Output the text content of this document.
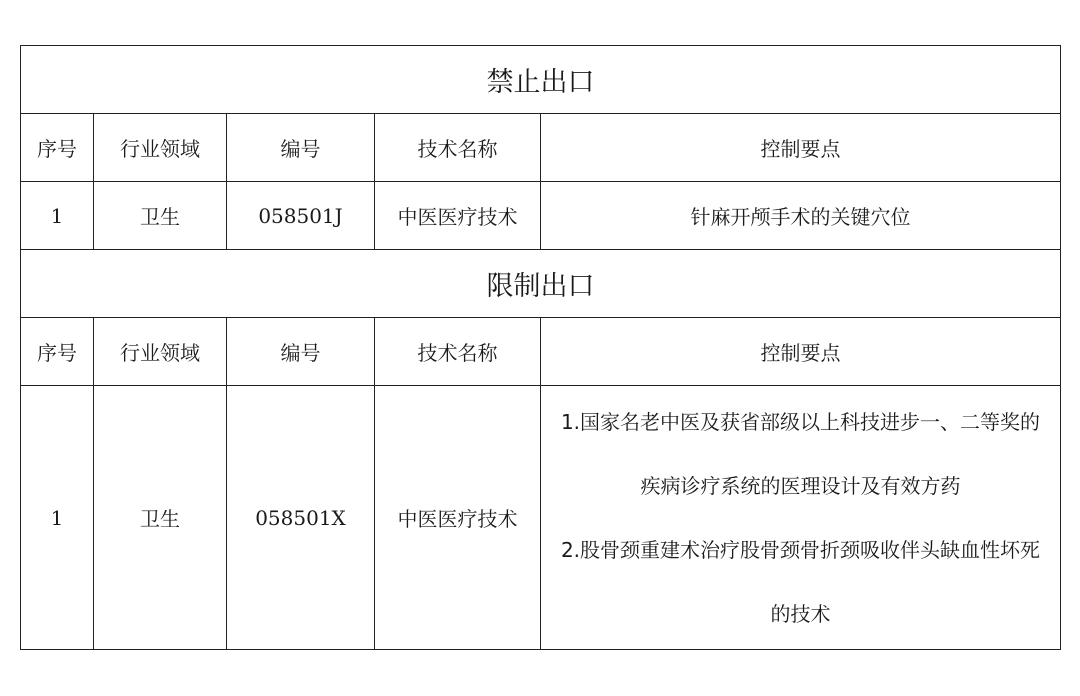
禁止出口				
序号	行业领域	编号	技术名称	控制要点
1	卫生	058501J	中医医疗技术	针麻开颅手术的关键穴位
限制出口				
序号	行业领域	编号	技术名称	控制要点
1	卫生	058501X	中医医疗技术	1.国家名老中医及获省部级以上科技进步一、二等奖的
疾病诊疗系统的医理设计及有效方药
2.股骨颈重建术治疗股骨颈骨折颈吸收伴头缺血性坏死
的技术
